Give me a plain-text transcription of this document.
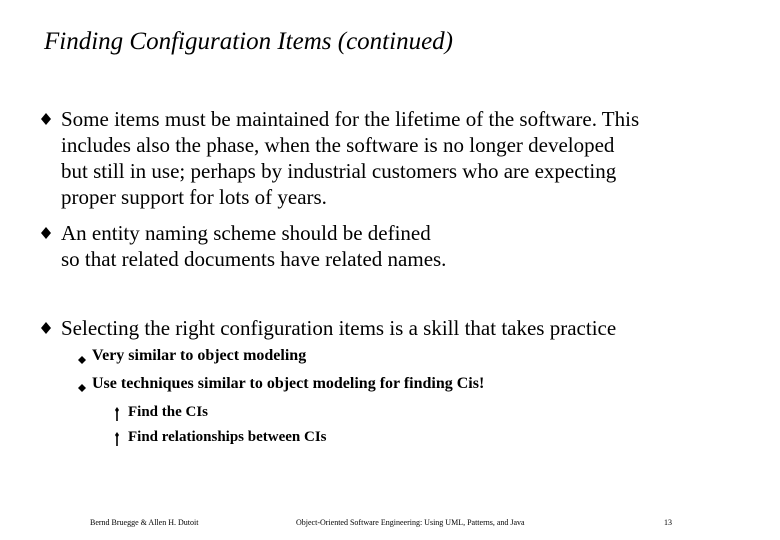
Finding Configuration Items (continued)
Some items must be maintained for the lifetime of the software. This
includes also the phase, when the software is no longer developed
but still in use; perhaps by industrial customers who are expecting
proper support for lots of years.
An entity naming scheme should be defined
so that related documents have related names.
Selecting the right configuration items is a skill that takes practice
Very similar to object modeling
Use techniques similar to object modeling for finding Cis!
Find the CIs
Find relationships between CIs
Bernd Bruegge & Allen H. Dutoit	Object-Oriented Software Engineering: Using UML, Patterns, and Java	13
